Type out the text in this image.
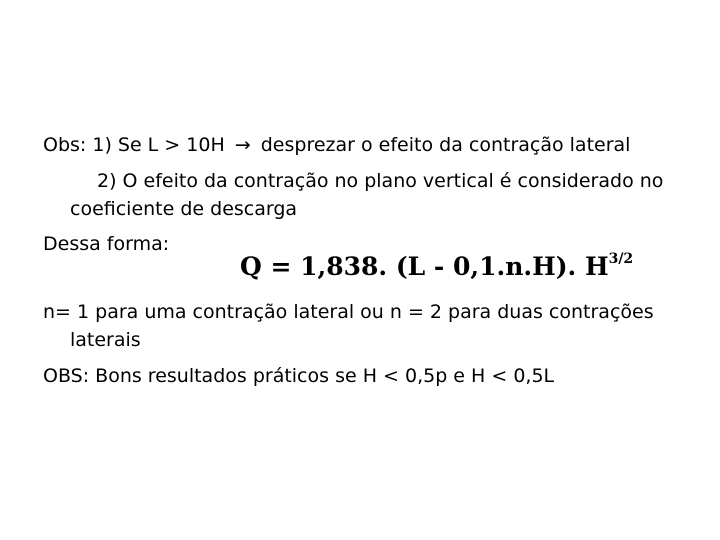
Obs: 1) Se L > 10H → desprezar o efeito da contração lateral
2) O efeito da contração no plano vertical é considerado no
coeficiente de descarga
Dessa forma:
Q = 1,838. (L - 0,1.n.H). $H^{3/2}$
n= 1 para uma contração lateral ou n = 2 para duas contrações
laterais
OBS: Bons resultados práticos se H < 0,5p e H < 0,5L
